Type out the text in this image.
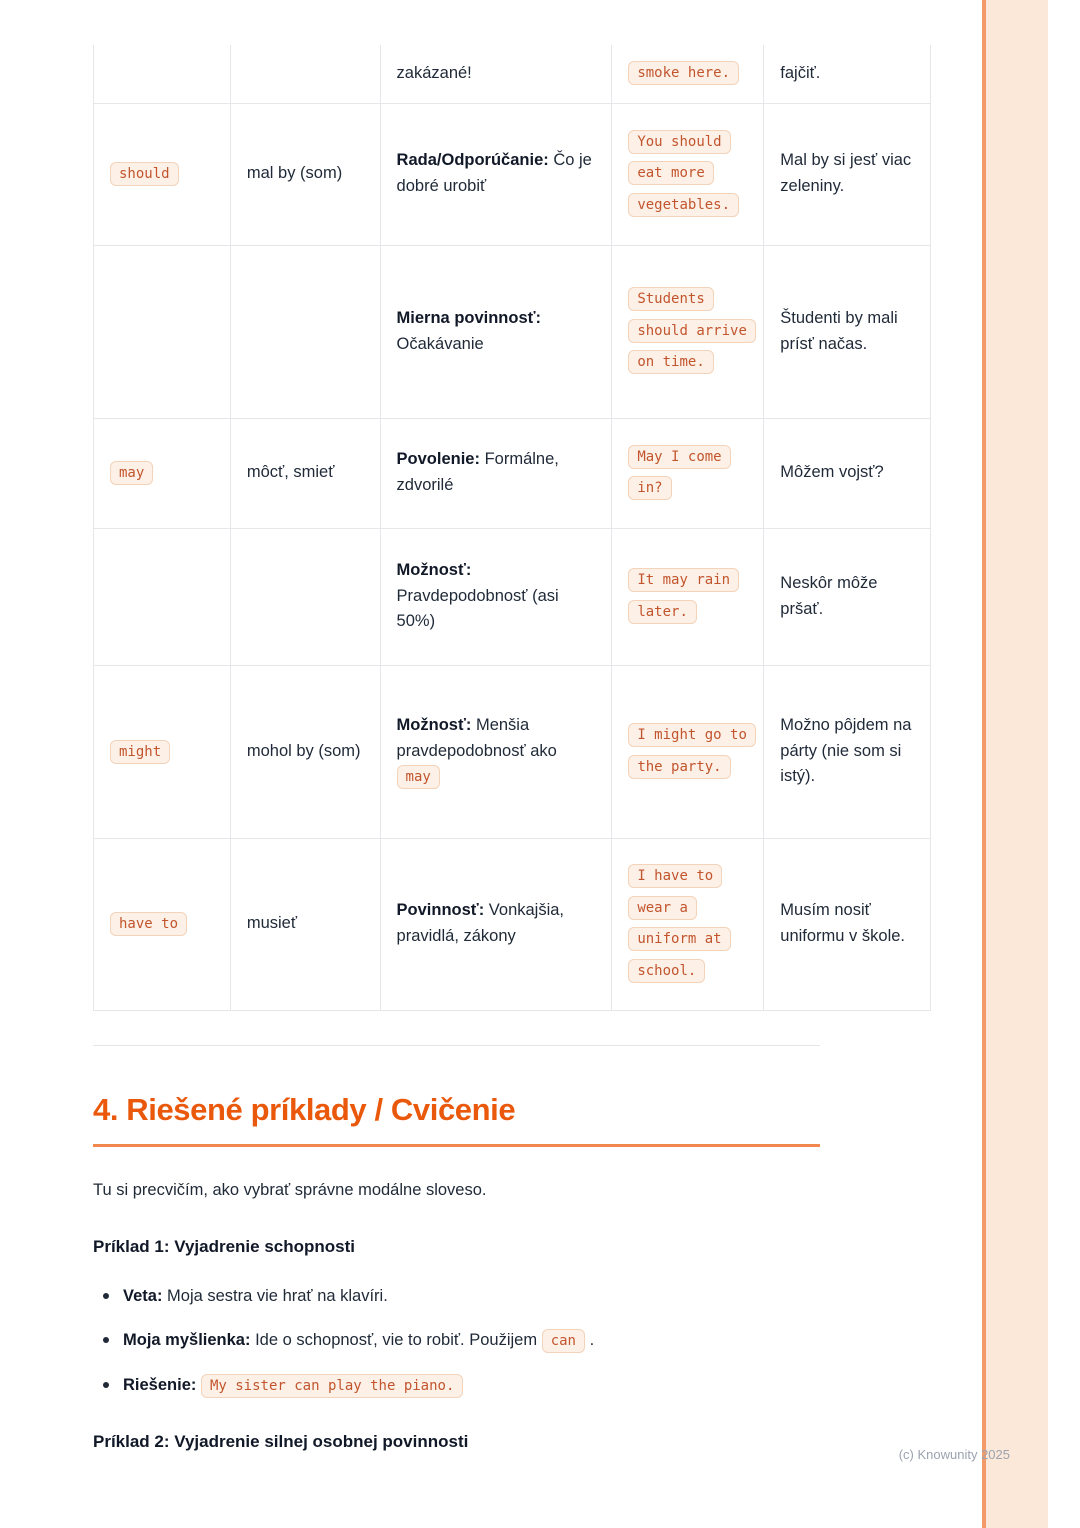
		zakázané!	smoke here.	fajčiť.
should	mal by (som)	Rada/Odporúčanie: Čo je dobré urobiť	You should eat more vegetables.	Mal by si jesť viac zeleniny.
		Mierna povinnosť: Očakávanie	Students should arrive on time.	Študenti by mali prísť načas.
may	môcť, smieť	Povolenie: Formálne, zdvorilé	May I come in?	Môžem vojsť?
		Možnosť: Pravdepodobnosť (asi 50%)	It may rain later.	Neskôr môže pršať.
might	mohol by (som)	Možnosť: Menšia pravdepodobnosť ako may	I might go to the party.	Možno pôjdem na párty (nie som si istý).
have to	musieť	Povinnosť: Vonkajšia, pravidlá, zákony	I have to wear a uniform at school.	Musím nosiť uniformu v škole.
4. Riešené príklady / Cvičenie

Tu si precvičím, ako vybrať správne modálne sloveso.

Príklad 1: Vyjadrenie schopnosti
Veta: Moja sestra vie hrať na klavíri.
Moja myšlienka: Ide o schopnosť, vie to robiť. Použijem can .
Riešenie: My sister can play the piano.
Príklad 2: Vyjadrenie silnej osobnej povinnosti
(c) Knowunity 2025
